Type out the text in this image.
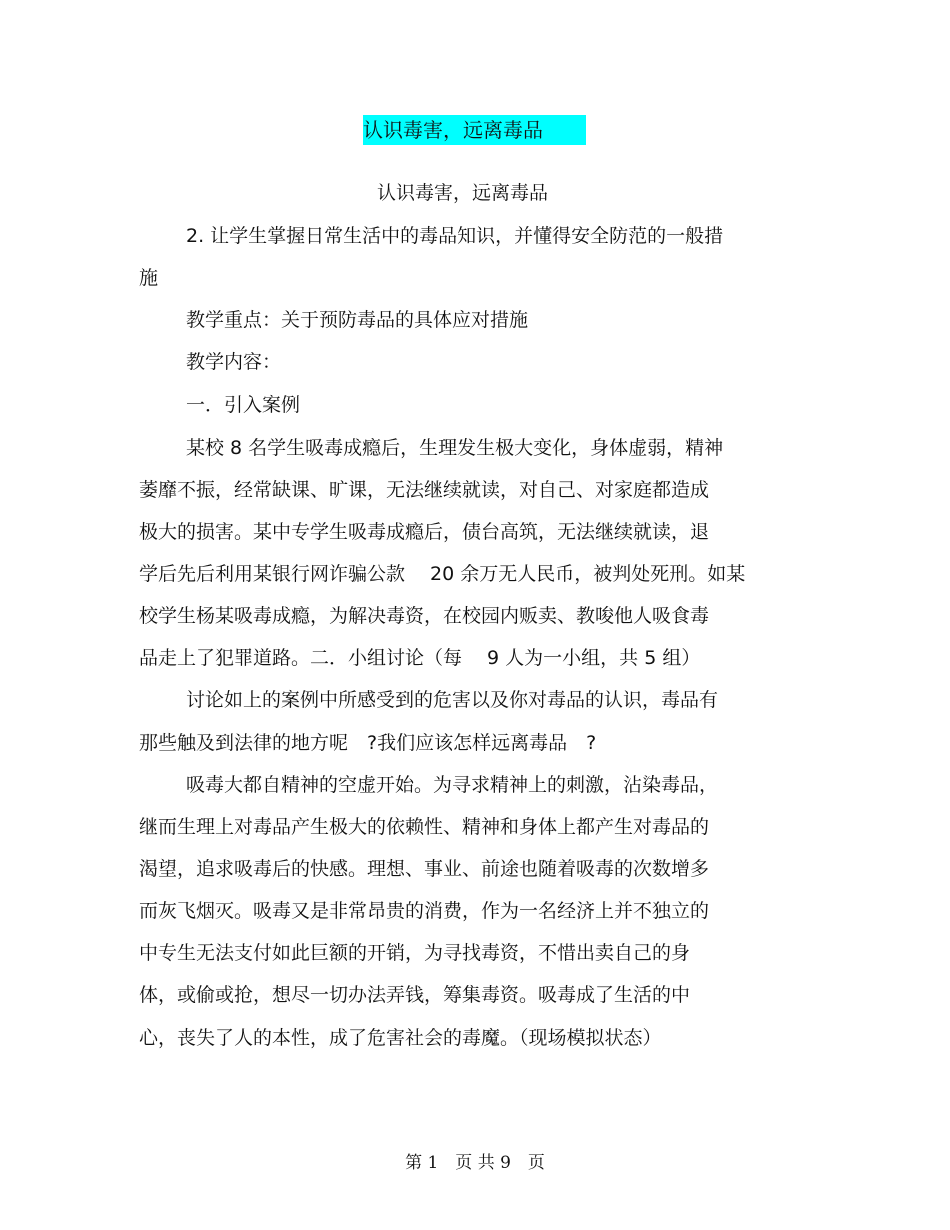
认识毒害，远离毒品
认识毒害，远离毒品
2. 让学生掌握日常生活中的毒品知识，并懂得安全防范的一般措
施
教学重点：关于预防毒品的具体应对措施
教学内容：
一．引入案例
某校 8 名学生吸毒成瘾后，生理发生极大变化，身体虚弱，精神
萎靡不振，经常缺课、旷课，无法继续就读，对自己、对家庭都造成
极大的损害。某中专学生吸毒成瘾后，债台高筑，无法继续就读，退
学后先后利用某银行网诈骗公款　 20 余万无人民币，被判处死刑。如某
校学生杨某吸毒成瘾，为解决毒资，在校园内贩卖、教唆他人吸食毒
品走上了犯罪道路。二．小组讨论（每　 9 人为一小组，共 5 组）
讨论如上的案例中所感受到的危害以及你对毒品的认识，毒品有
那些触及到法律的地方呢　?我们应该怎样远离毒品　?
吸毒大都自精神的空虚开始。为寻求精神上的刺激，沾染毒品，
继而生理上对毒品产生极大的依赖性、精神和身体上都产生对毒品的
渴望，追求吸毒后的快感。理想、事业、前途也随着吸毒的次数增多
而灰飞烟灭。吸毒又是非常昂贵的消费，作为一名经济上并不独立的
中专生无法支付如此巨额的开销，为寻找毒资，不惜出卖自己的身
体，或偷或抢，想尽一切办法弄钱，筹集毒资。吸毒成了生活的中
心，丧失了人的本性，成了危害社会的毒魔。（现场模拟状态）
第 1　页 共 9　页
